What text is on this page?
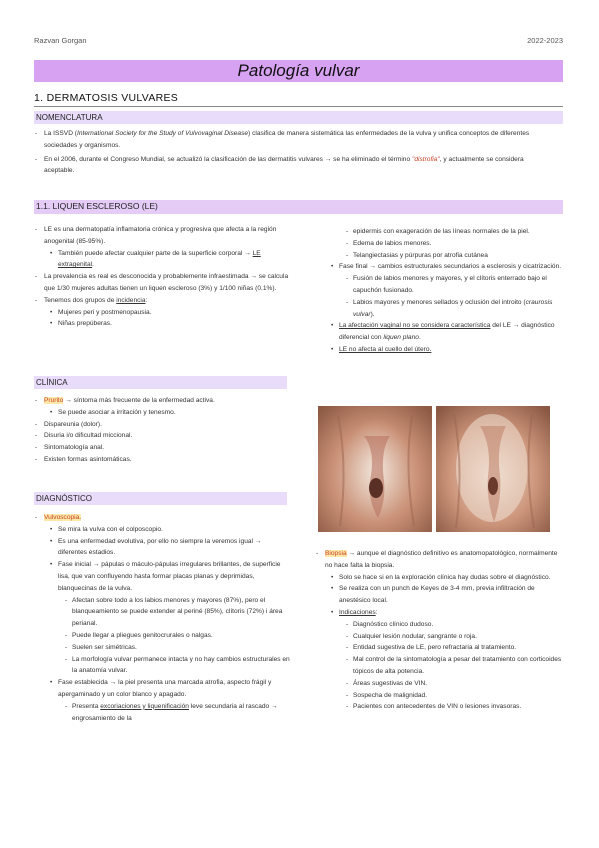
Razvan Gorgan	2022-2023
Patología vulvar
1. DERMATOSIS VULVARES
NOMENCLATURA
- La ISSVD (International Society for the Study of Vulvovaginal Disease) clasifica de manera sistemática las enfermedades de la vulva y unifica conceptos de diferentes sociedades y organismos.
- En el 2006, durante el Congreso Mundial, se actualizó la clasificación de las dermatitis vulvares → se ha eliminado el término "distrofia", y actualmente se considera aceptable.
1.1. LIQUEN ESCLEROSO (LE)
- LE es una dermatopatía inflamatoria crónica y progresiva que afecta a la región anogenital (85-95%).
• También puede afectar cualquier parte de la superficie corporal → LE extragenital.
- La prevalencia es real es desconocida y probablemente infraestimada → se calcula que 1/30 mujeres adultas tienen un liquen escleroso (3%) y 1/100 niñas (0.1%).
- Tenemos dos grupos de incidencia:
• Mujeres peri y postmenopausia.
• Niñas prepúberas.
CLÍNICA
- Prurito → síntoma más frecuente de la enfermedad activa.
• Se puede asociar a irritación y tenesmo.
- Dispareunia (dolor).
- Disuria i/o dificultad miccional.
- Sintomatología anal.
- Existen formas asintomáticas.
DIAGNÓSTICO
- Vulvoscopia.
• Se mira la vulva con el colposcopio.
• Es una enfermedad evolutiva, por ello no siempre la veremos igual → diferentes estadios.
• Fase inicial → pápulas o máculo-pápulas irregulares brillantes, de superficie lisa, que van confluyendo hasta formar placas planas y deprimidas, blanquecinas de la vulva.
- Afectan sobre todo a los labios menores y mayores (87%), pero el blanqueamiento se puede extender al periné (85%), clítoris (72%) i área perianal.
- Puede llegar a pliegues genitocrurales o nalgas.
- Suelen ser simétricas.
- La morfología vulvar permanece intacta y no hay cambios estructurales en la anatomía vulvar.
• Fase establecida → la piel presenta una marcada atrofia, aspecto frágil y apergaminado y un color blanco y apagado.
- Presenta excoriaciones y liquenificación leve secundaria al rascado → engrosamiento de la
- epidermis con exageración de las líneas normales de la piel.
- Edema de labios menores.
- Telangiectasias y púrpuras por atrofia cutánea
• Fase final → cambios estructurales secundarios a esclerosis y cicatrización.
- Fusión de labios menores y mayores, y el clítoris enterrado bajo el capuchón fusionado.
- Labios mayores y menores sellados y oclusión del introito (craurosis vulvar).
• La afectación vaginal no se considera característica del LE → diagnóstico diferencial con liquen plano.
• LE no afecta al cuello del útero.
- Biopsia → aunque el diagnóstico definitivo es anatomopatológico, normalmente no hace falta la biopsia.
• Solo se hace si en la exploración clínica hay dudas sobre el diagnóstico.
• Se realiza con un punch de Keyes de 3-4 mm, previa infiltración de anestésico local.
• Indicaciones:
- Diagnóstico clínico dudoso.
- Cualquier lesión nodular, sangrante o roja.
- Entidad sugestiva de LE, pero refractaria al tratamiento.
- Mal control de la sintomatología a pesar del tratamiento con corticoides tópicos de alta potencia.
- Áreas sugestivas de VIN.
- Sospecha de malignidad.
- Pacientes con antecedentes de VIN o lesiones invasoras.
